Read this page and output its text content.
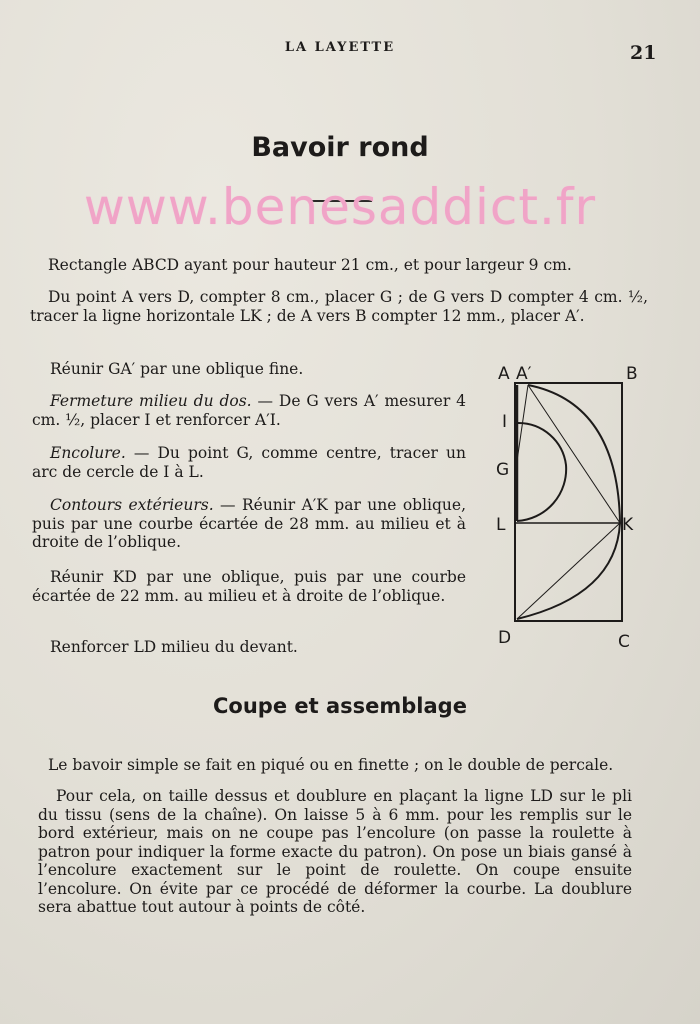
LA LAYETTE	21
Bavoir rond
www.benesaddict.fr

Rectangle ABCD ayant pour hauteur 21 cm., et pour largeur 9 cm.

Du point A vers D, compter 8 cm., placer G ; de G vers D compter 4 cm. ½, tracer la ligne horizontale LK ; de A vers B compter 12 mm., placer A′.

Réunir GA′ par une oblique fine.

Fermeture milieu du dos. — De G vers A′ mesurer 4 cm. ½, placer I et renforcer A′I.

Encolure. — Du point G, comme centre, tracer un arc de cercle de I à L.

Contours extérieurs. — Réunir A′K par une oblique, puis par une courbe écartée de 28 mm. au milieu et à droite de l’oblique.

Réunir KD par une oblique, puis par une courbe écartée de 22 mm. au milieu et à droite de l’oblique.

Renforcer LD milieu du devant.

A A′	B
I
G
L	K
D	C
Coupe et assemblage

Le bavoir simple se fait en piqué ou en finette ; on le double de percale.

Pour cela, on taille dessus et doublure en plaçant la ligne LD sur le pli du tissu (sens de la chaîne). On laisse 5 à 6 mm. pour les remplis sur le bord extérieur, mais on ne coupe pas l’encolure (on passe la roulette à patron pour indiquer la forme exacte du patron). On pose un biais gansé à l’encolure exactement sur le point de roulette. On coupe ensuite l’encolure. On évite par ce procédé de déformer la courbe. La doublure sera abattue tout autour à points de côté.
